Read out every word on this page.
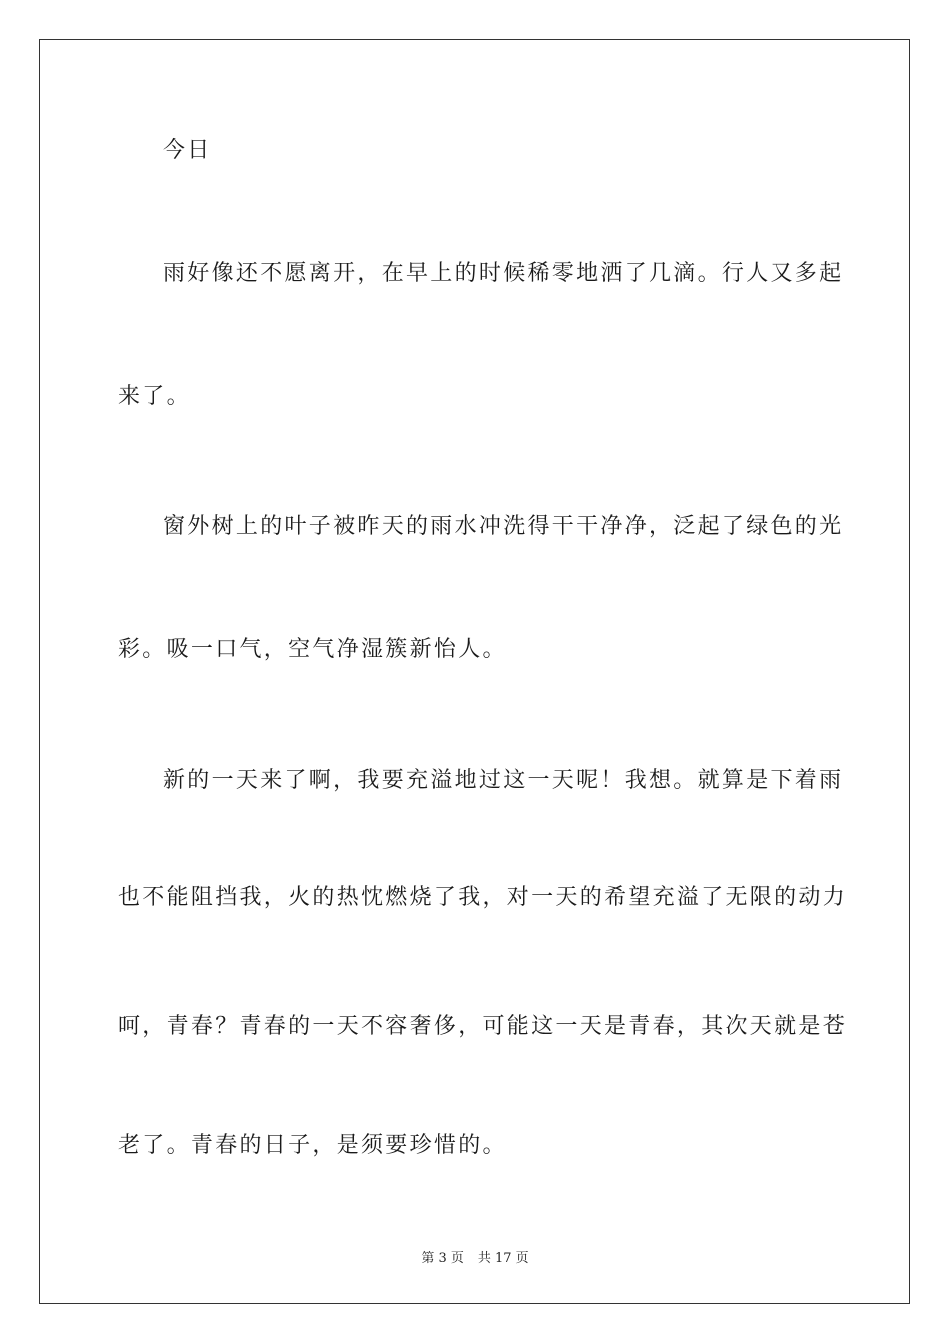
今日
雨好像还不愿离开，在早上的时候稀零地洒了几滴。行人又多起
来了。
窗外树上的叶子被昨天的雨水冲洗得干干净净，泛起了绿色的光
彩。吸一口气，空气净湿簇新怡人。
新的一天来了啊，我要充溢地过这一天呢！我想。就算是下着雨
也不能阻挡我，火的热忱燃烧了我，对一天的希望充溢了无限的动力
呵，青春？青春的一天不容奢侈，可能这一天是青春，其次天就是苍
老了。青春的日子，是须要珍惜的。
第 3 页 共 17 页
